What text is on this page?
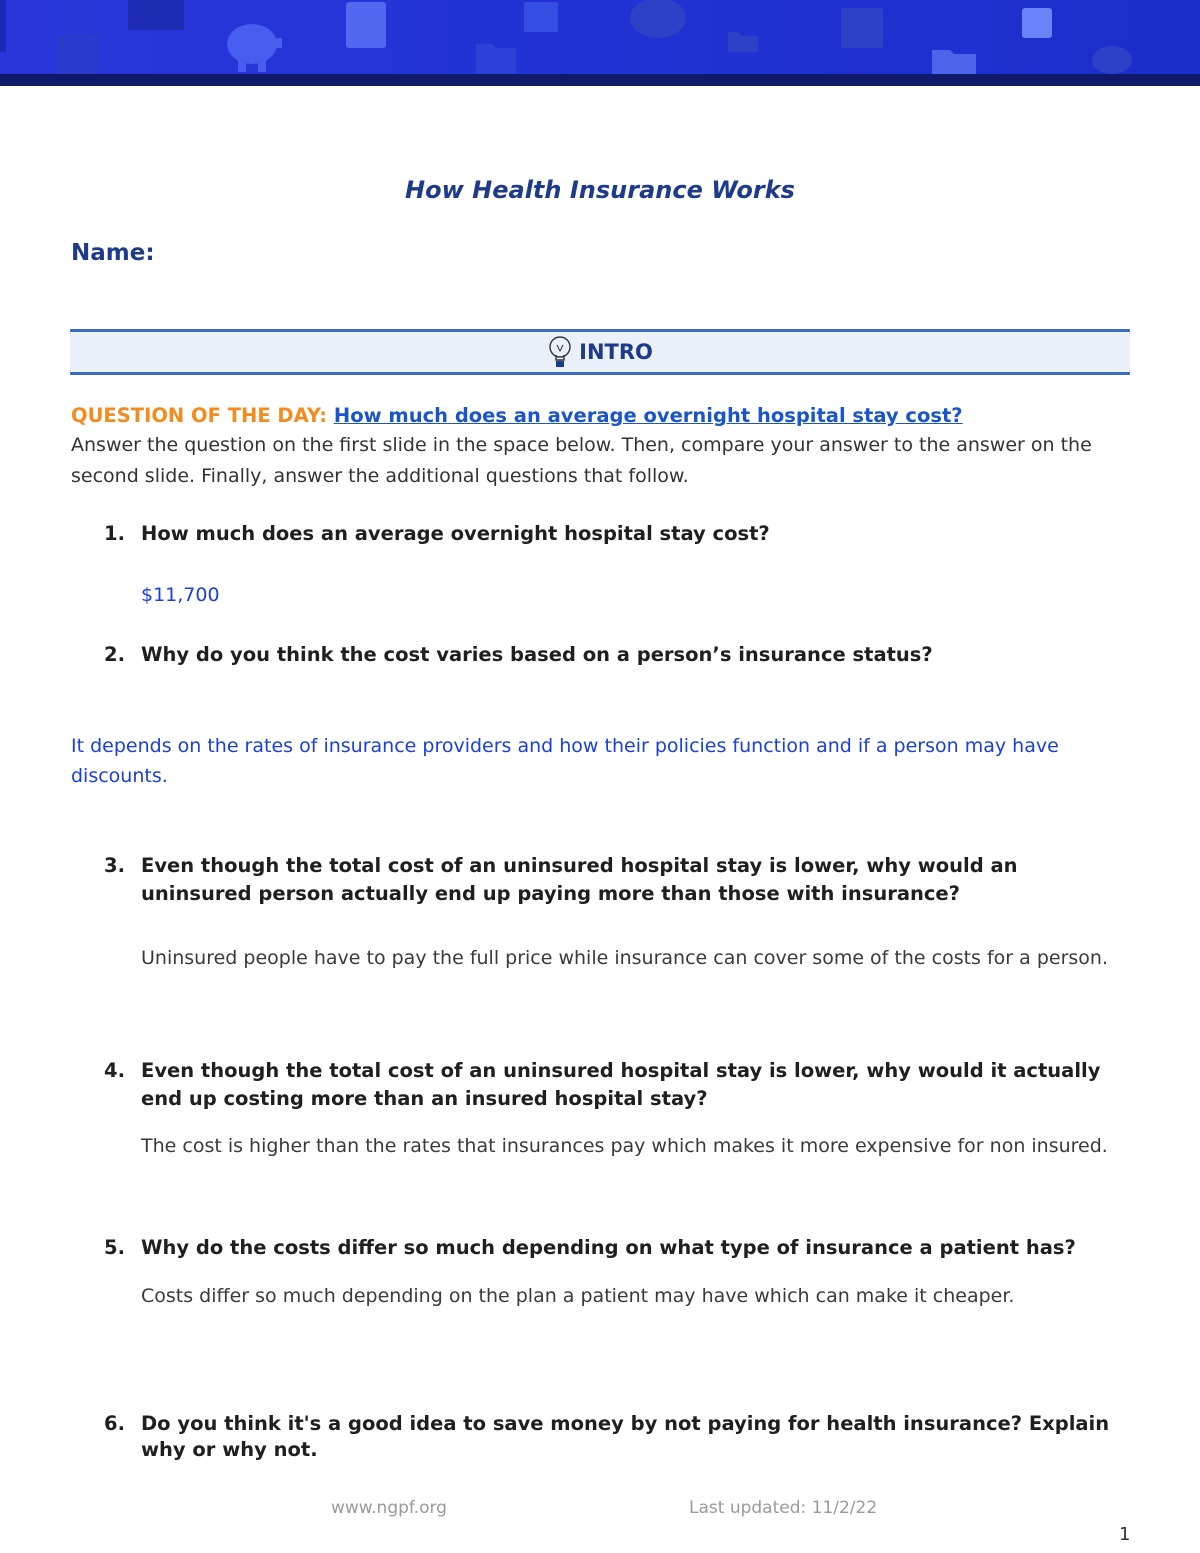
How Health Insurance Works
Name:
INTRO
QUESTION OF THE DAY: How much does an average overnight hospital stay cost?
Answer the question on the first slide in the space below. Then, compare your answer to the answer on the second slide. Finally, answer the additional questions that follow.
1. How much does an average overnight hospital stay cost?
$11,700
2. Why do you think the cost varies based on a person’s insurance status?
It depends on the rates of insurance providers and how their policies function and if a person may have discounts.
3. Even though the total cost of an uninsured hospital stay is lower, why would an uninsured person actually end up paying more than those with insurance?
Uninsured people have to pay the full price while insurance can cover some of the costs for a person.
4. Even though the total cost of an uninsured hospital stay is lower, why would it actually end up costing more than an insured hospital stay?
The cost is higher than the rates that insurances pay which makes it more expensive for non insured.
5. Why do the costs differ so much depending on what type of insurance a patient has?
Costs differ so much depending on the plan a patient may have which can make it cheaper.
6. Do you think it's a good idea to save money by not paying for health insurance? Explain why or why not.
www.ngpf.org	Last updated: 11/2/22
1
